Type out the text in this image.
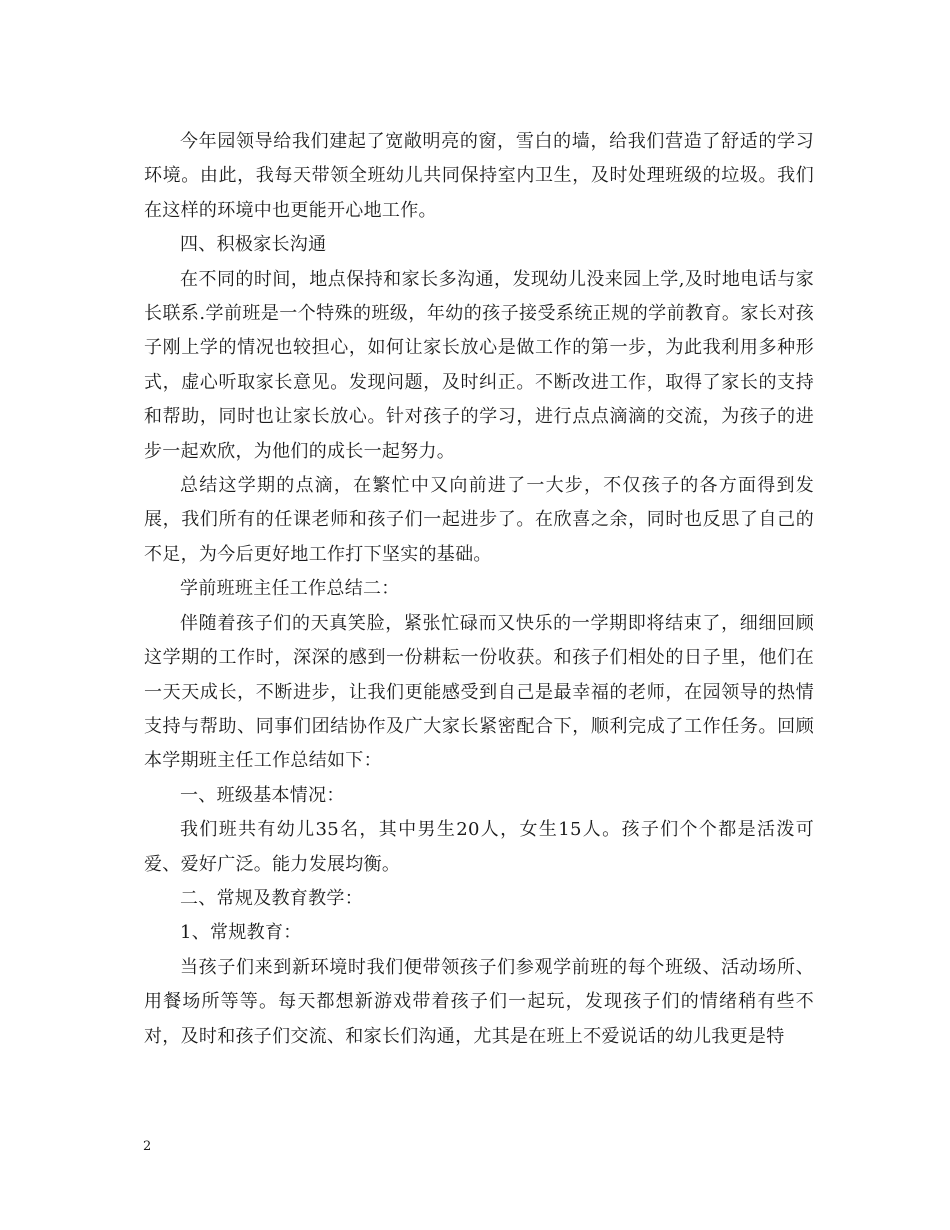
今年园领导给我们建起了宽敞明亮的窗，雪白的墙，给我们营造了舒适的学习环境。由此，我每天带领全班幼儿共同保持室内卫生，及时处理班级的垃圾。我们在这样的环境中也更能开心地工作。

四、积极家长沟通

在不同的时间，地点保持和家长多沟通，发现幼儿没来园上学,及时地电话与家长联系.学前班是一个特殊的班级，年幼的孩子接受系统正规的学前教育。家长对孩子刚上学的情况也较担心，如何让家长放心是做工作的第一步，为此我利用多种形式，虚心听取家长意见。发现问题，及时纠正。不断改进工作，取得了家长的支持和帮助，同时也让家长放心。针对孩子的学习，进行点点滴滴的交流，为孩子的进步一起欢欣，为他们的成长一起努力。

总结这学期的点滴，在繁忙中又向前进了一大步，不仅孩子的各方面得到发展，我们所有的任课老师和孩子们一起进步了。在欣喜之余，同时也反思了自己的不足，为今后更好地工作打下坚实的基础。

学前班班主任工作总结二：

伴随着孩子们的天真笑脸，紧张忙碌而又快乐的一学期即将结束了，细细回顾这学期的工作时，深深的感到一份耕耘一份收获。和孩子们相处的日子里，他们在一天天成长，不断进步，让我们更能感受到自己是最幸福的老师，在园领导的热情支持与帮助、同事们团结协作及广大家长紧密配合下，顺利完成了工作任务。回顾本学期班主任工作总结如下：

一、班级基本情况：

我们班共有幼儿35名，其中男生20人，女生15人。孩子们个个都是活泼可爱、爱好广泛。能力发展均衡。

二、常规及教育教学：

1、常规教育：

当孩子们来到新环境时我们便带领孩子们参观学前班的每个班级、活动场所、用餐场所等等。每天都想新游戏带着孩子们一起玩，发现孩子们的情绪稍有些不对，及时和孩子们交流、和家长们沟通，尤其是在班上不爱说话的幼儿我更是特

2
